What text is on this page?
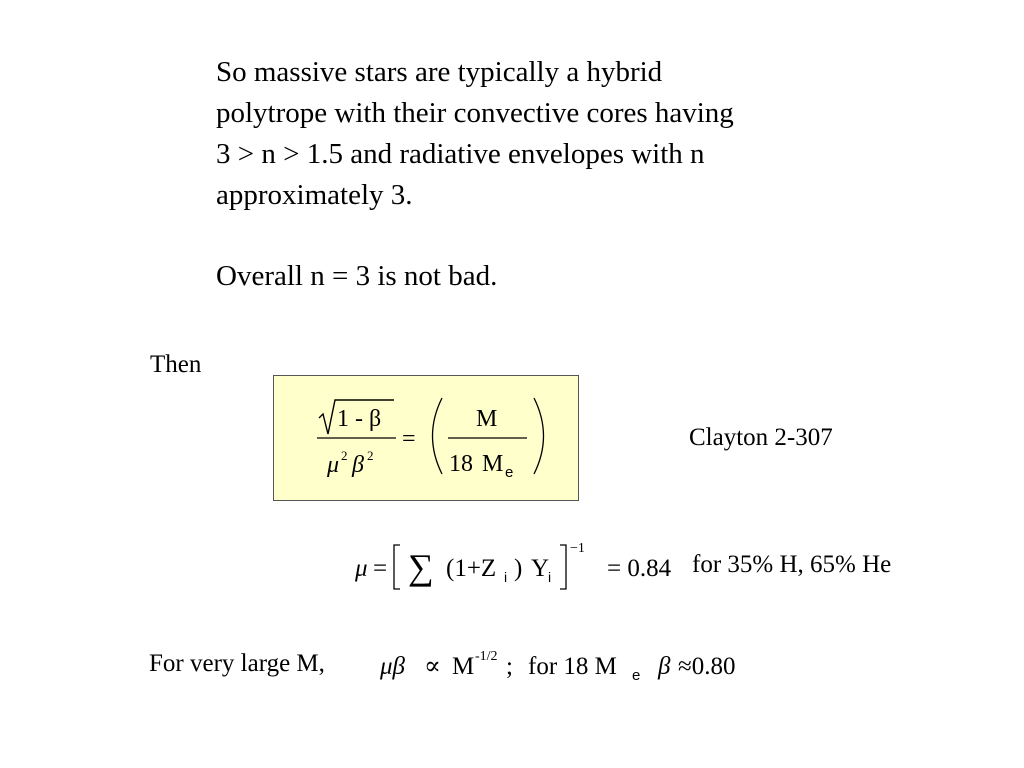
So massive stars are typically a hybrid
polytrope with their convective cores having
3 > n > 1.5 and radiative envelopes with n
approximately 3.

Overall n = 3 is not bad.
Then
1 - β
μ 2 β 2
=
M
18 M e
Clayton 2-307
μ = ∑ (1+Z i ) Y
i
−1
= 0.84 for 35% H, 65% He
For very large M, μβ ∝ M -1/2 ; for 18 M e β ≈0.80
